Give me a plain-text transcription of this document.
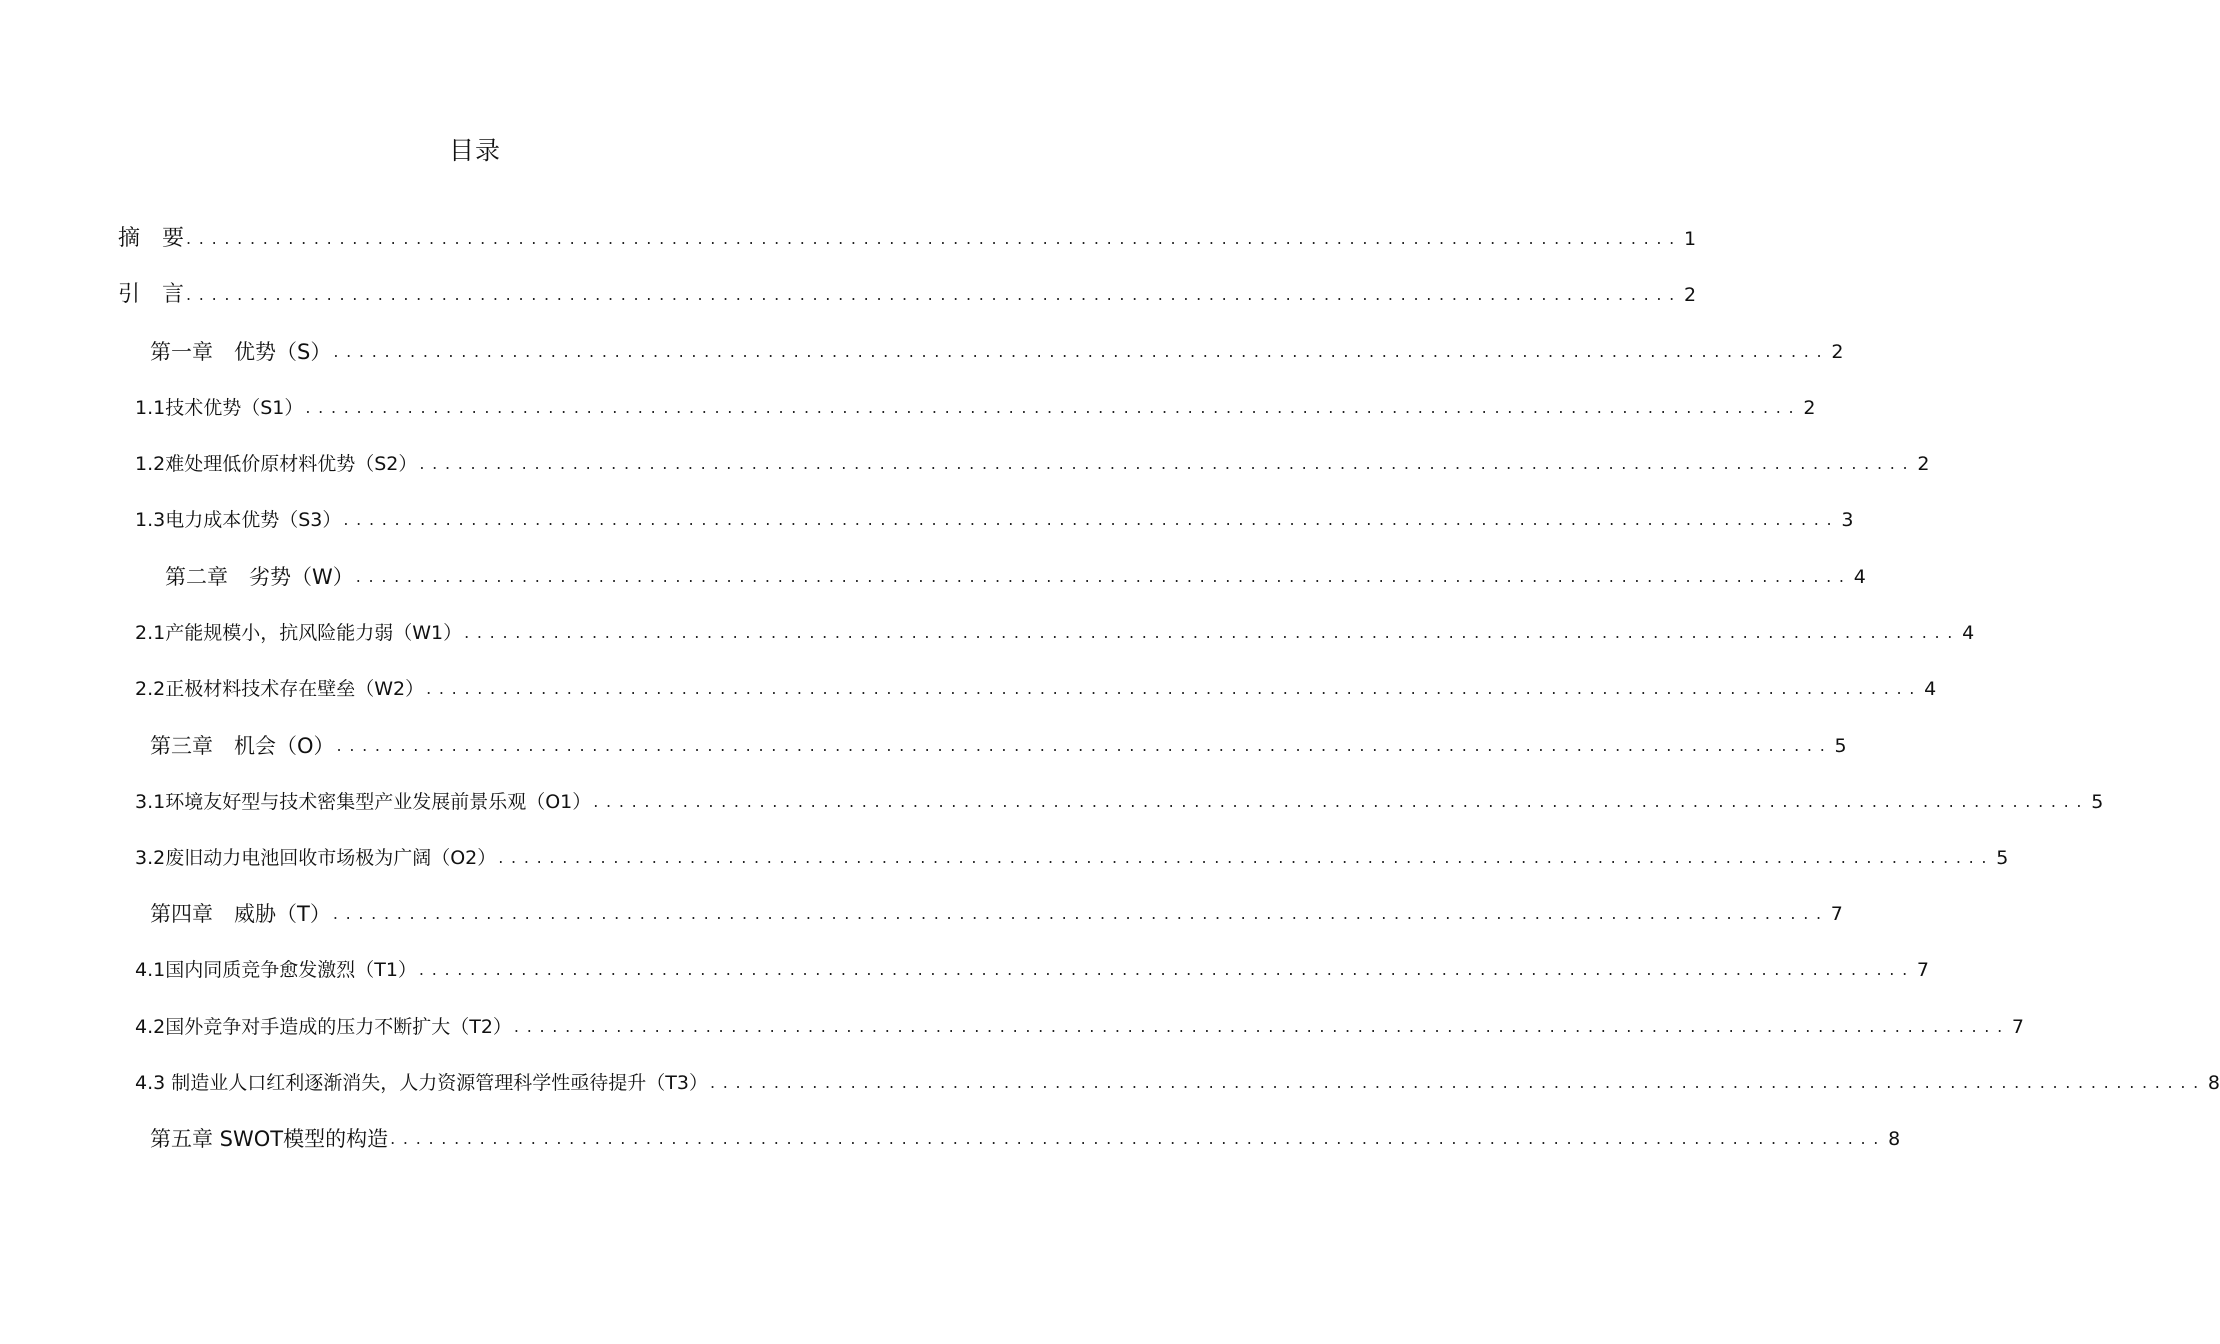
目录
摘　要 ..................................................................................................................... 1
引　言 ..................................................................................................................... 2
第一章　优势（S） ..................................................................................................................... 2
1.1技术优势（S1） ..................................................................................................................... 2
1.2难处理低价原材料优势（S2） ..................................................................................................................... 2
1.3电力成本优势（S3） ..................................................................................................................... 3
第二章　劣势（W） ..................................................................................................................... 4
2.1产能规模小，抗风险能力弱（W1） ..................................................................................................................... 4
2.2正极材料技术存在壁垒（W2） ..................................................................................................................... 4
第三章　机会（O） ..................................................................................................................... 5
3.1环境友好型与技术密集型产业发展前景乐观（O1） ..................................................................................................................... 5
3.2废旧动力电池回收市场极为广阔（O2） ..................................................................................................................... 5
第四章　威胁（T） ..................................................................................................................... 7
4.1国内同质竞争愈发激烈（T1） ..................................................................................................................... 7
4.2国外竞争对手造成的压力不断扩大（T2） ..................................................................................................................... 7
4.3 制造业人口红利逐渐消失，人力资源管理科学性亟待提升（T3） ..................................................................................................................... 8
第五章 SWOT模型的构造 ..................................................................................................................... 8
